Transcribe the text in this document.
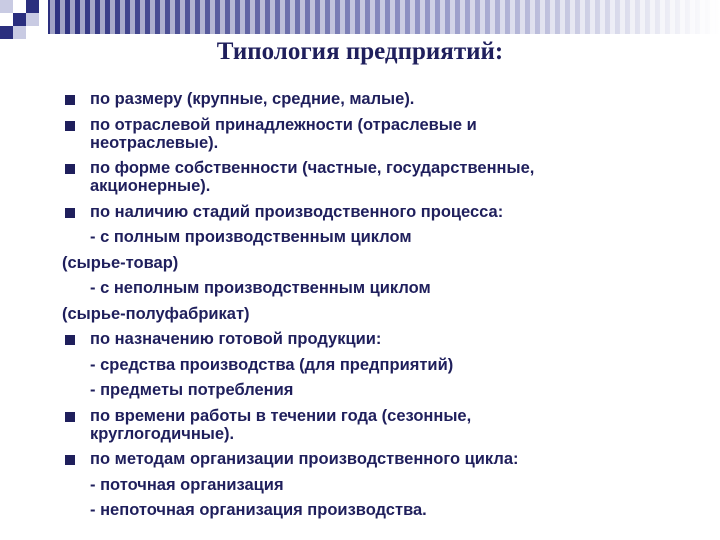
Типология предприятий:
по размеру (крупные, средние, малые).
по отраслевой принадлежности (отраслевые и
неотраслевые).
по форме собственности (частные, государственные,
акционерные).
по наличию стадий производственного процесса:
- с полным производственным циклом
(сырье-товар)
- с неполным производственным циклом
(сырье-полуфабрикат)
по назначению готовой продукции:
- средства производства (для предприятий)
- предметы потребления
по времени работы в течении года (сезонные,
круглогодичные).
по методам организации производственного цикла:
- поточная организация
- непоточная организация производства.
